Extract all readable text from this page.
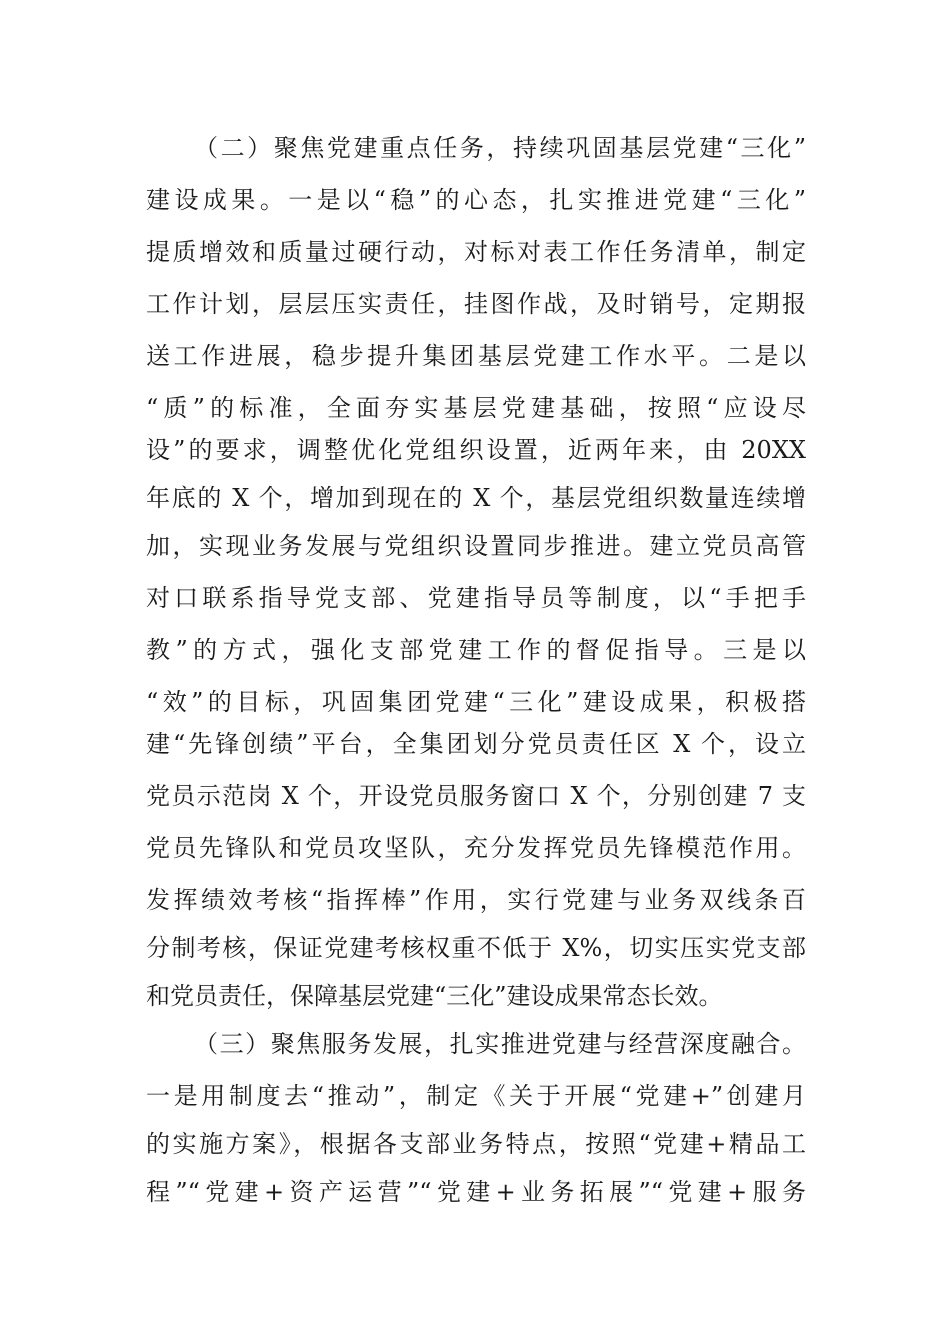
（二）聚焦党建重点任务，持续巩固基层党建“三化”
建设成果。一是以“稳”的心态，扎实推进党建“三化”
提质增效和质量过硬行动，对标对表工作任务清单，制定
工作计划，层层压实责任，挂图作战，及时销号，定期报
送工作进展，稳步提升集团基层党建工作水平。二是以
“质”的标准，全面夯实基层党建基础，按照“应设尽
设”的要求，调整优化党组织设置，近两年来，由 20XX
年底的 X 个，增加到现在的 X 个，基层党组织数量连续增
加，实现业务发展与党组织设置同步推进。建立党员高管
对口联系指导党支部、党建指导员等制度，以“手把手
教”的方式，强化支部党建工作的督促指导。三是以
“效”的目标，巩固集团党建“三化”建设成果，积极搭
建“先锋创绩”平台，全集团划分党员责任区 X 个，设立
党员示范岗 X 个，开设党员服务窗口 X 个，分别创建 7 支
党员先锋队和党员攻坚队，充分发挥党员先锋模范作用。
发挥绩效考核“指挥棒”作用，实行党建与业务双线条百
分制考核，保证党建考核权重不低于 X%，切实压实党支部
和党员责任，保障基层党建“三化”建设成果常态长效。
（三）聚焦服务发展，扎实推进党建与经营深度融合。
一是用制度去“推动”，制定《关于开展“党建+”创建月
的实施方案》，根据各支部业务特点，按照“党建+精品工
程”“党建+资产运营”“党建+业务拓展”“党建+服务
